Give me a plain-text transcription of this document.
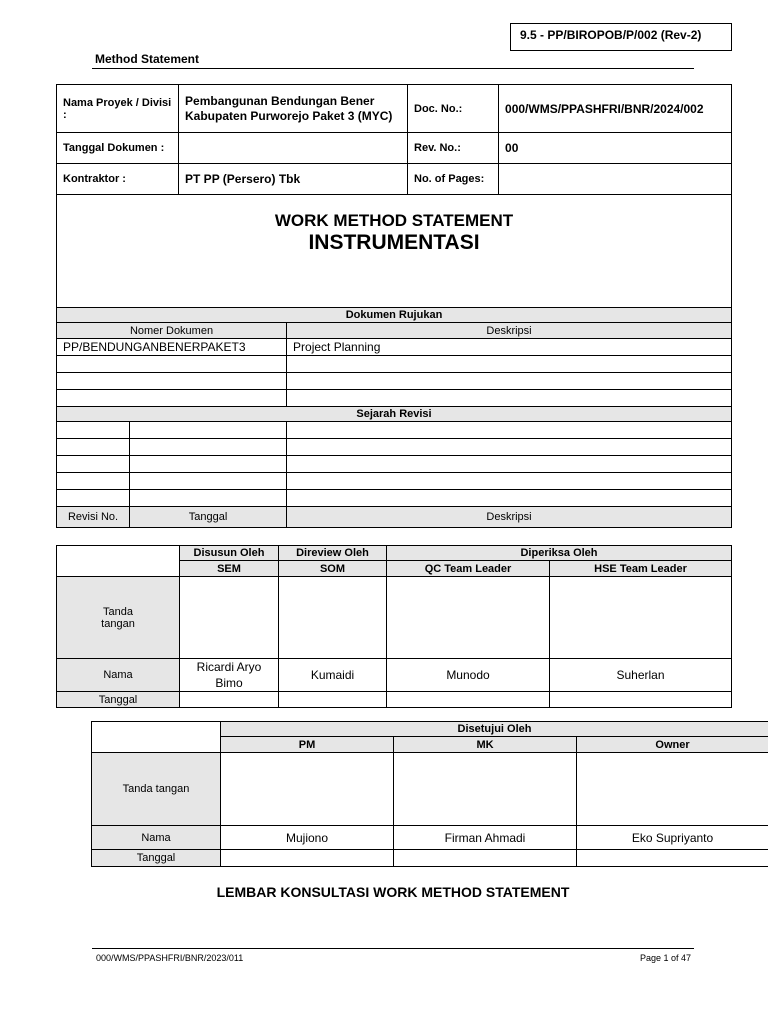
9.5 - PP/BIROPOB/P/002 (Rev-2)
Method Statement
Nama Proyek / Divisi :		Pembangunan Bendungan Bener Kabupaten Purworejo Paket 3 (MYC)		Doc. No.:	000/WMS/PPASHFRI/BNR/2024/002
Tanggal Dokumen :				Rev. No.:	00
Kontraktor :		PT PP (Persero) Tbk		No. of Pages:	

WORK METHOD STATEMENT
INSTRUMENTASI					

Dokumen Rujukan					
Nomer Dokumen			Deskripsi		
PP/BENDUNGANBENERPAKET3			Project Planning		

Sejarah Revisi					

Revisi No.	Tanggal		Deskripsi		
	Disusun Oleh	Direview Oleh	Diperiksa Oleh	
	SEM	SOM	QC Team Leader	HSE Team Leader
Tanda tangan				
Nama	Ricardi Aryo Bimo	Kumaidi	Munodo	Suherlan
Tanggal				
	Disetujui Oleh		
	PM	MK	Owner
Tanda tangan			
Nama	Mujiono	Firman Ahmadi	Eko Supriyanto
Tanggal			
LEMBAR KONSULTASI WORK METHOD STATEMENT
000/WMS/PPASHFRI/BNR/2023/011	Page 1 of 47
